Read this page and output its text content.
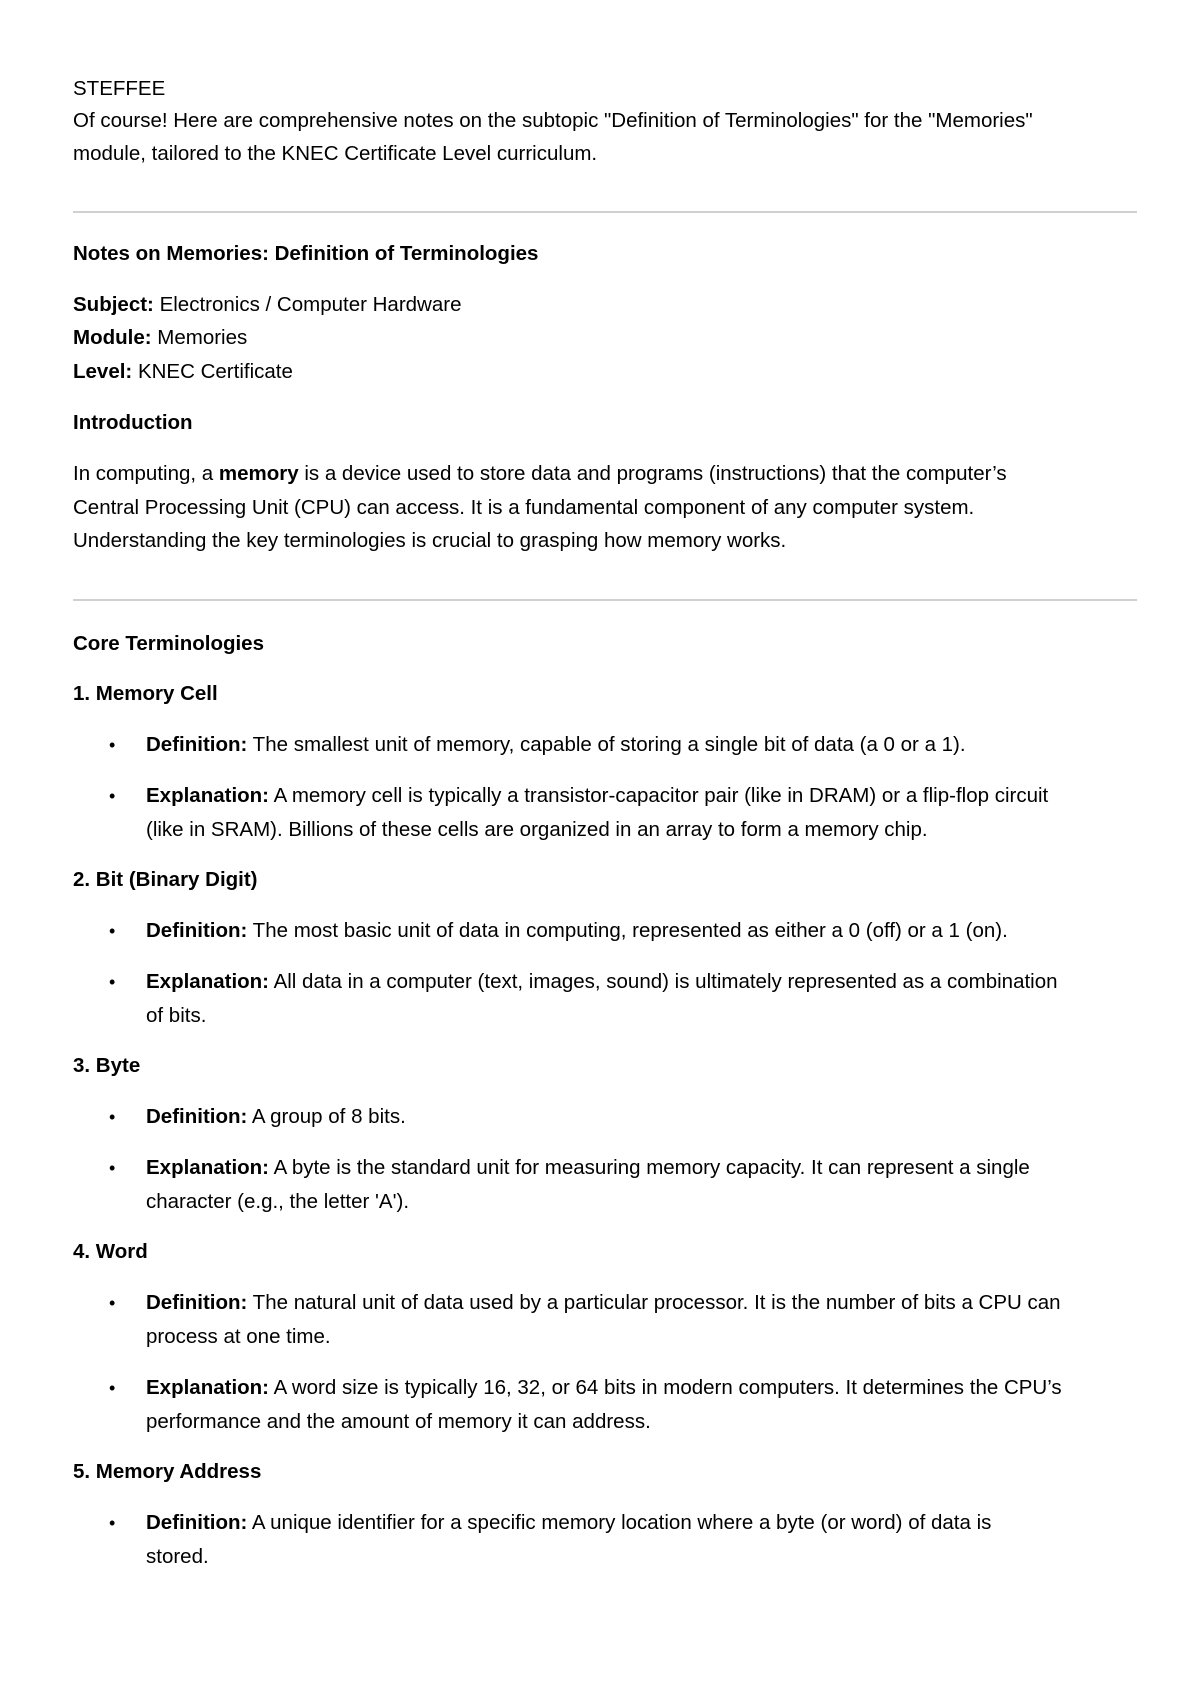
STEFFEE
Of course! Here are comprehensive notes on the subtopic "Definition of Terminologies" for the "Memories"
module, tailored to the KNEC Certificate Level curriculum.
Notes on Memories: Definition of Terminologies
Subject: Electronics / Computer Hardware
Module: Memories
Level: KNEC Certificate
Introduction
In computing, a memory is a device used to store data and programs (instructions) that the computer’s
Central Processing Unit (CPU) can access. It is a fundamental component of any computer system.
Understanding the key terminologies is crucial to grasping how memory works.
Core Terminologies
1. Memory Cell
• Definition: The smallest unit of memory, capable of storing a single bit of data (a 0 or a 1).
• Explanation: A memory cell is typically a transistor-capacitor pair (like in DRAM) or a flip-flop circuit
(like in SRAM). Billions of these cells are organized in an array to form a memory chip.
2. Bit (Binary Digit)
• Definition: The most basic unit of data in computing, represented as either a 0 (off) or a 1 (on).
• Explanation: All data in a computer (text, images, sound) is ultimately represented as a combination
of bits.
3. Byte
• Definition: A group of 8 bits.
• Explanation: A byte is the standard unit for measuring memory capacity. It can represent a single
character (e.g., the letter 'A').
4. Word
• Definition: The natural unit of data used by a particular processor. It is the number of bits a CPU can
process at one time.
• Explanation: A word size is typically 16, 32, or 64 bits in modern computers. It determines the CPU’s
performance and the amount of memory it can address.
5. Memory Address
• Definition: A unique identifier for a specific memory location where a byte (or word) of data is
stored.
